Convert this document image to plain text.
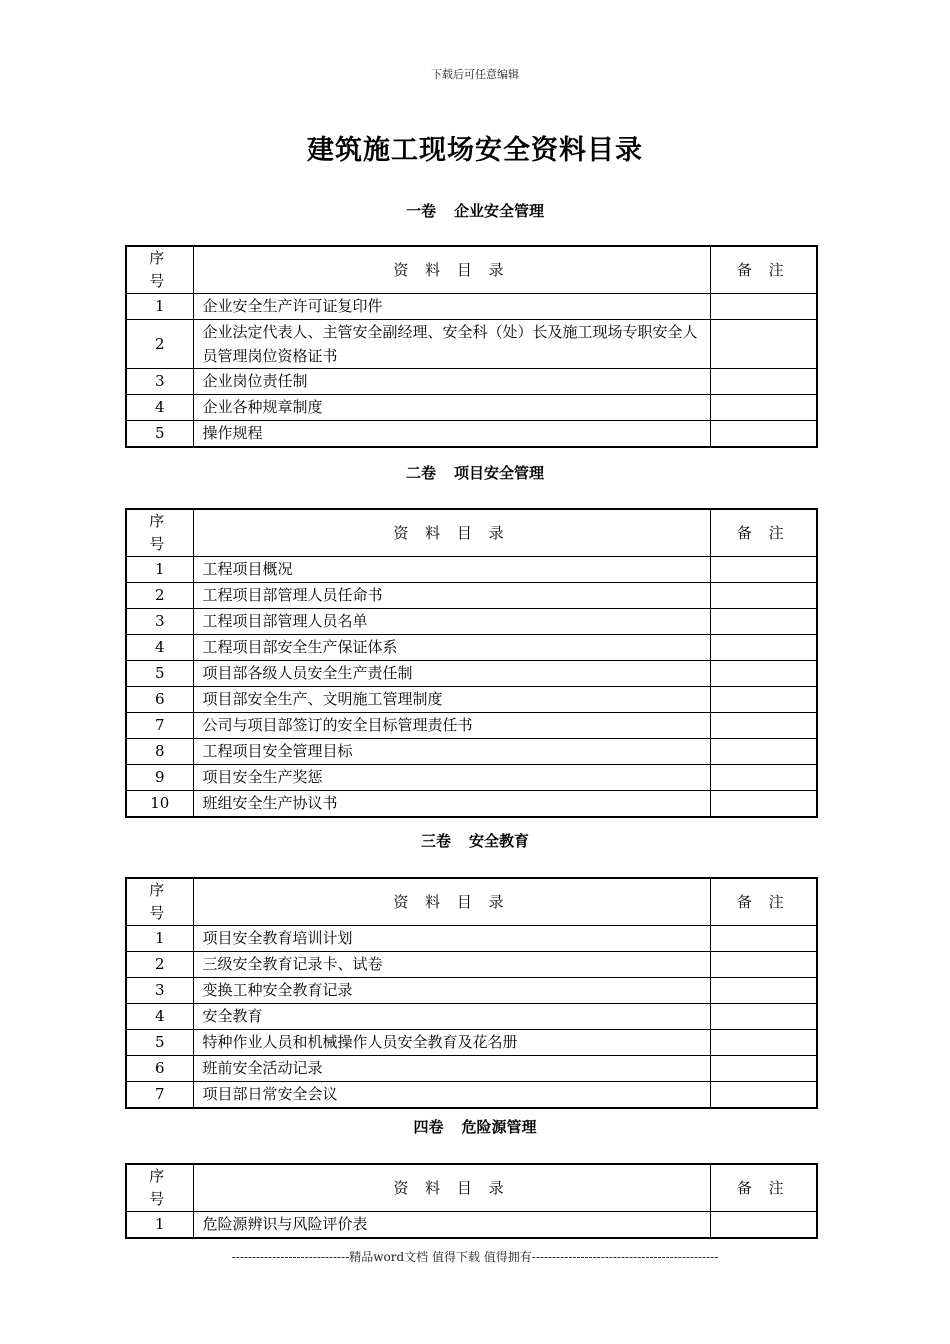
下载后可任意编辑
建筑施工现场安全资料目录
一卷 企业安全管理
序 号	资 料 目 录	备 注
1	企业安全生产许可证复印件	
2	企业法定代表人、主管安全副经理、安全科（处）长及施工现场专职安全人员管理岗位资格证书	
3	企业岗位责任制	
4	企业各种规章制度	
5	操作规程	
二卷 项目安全管理
序 号	资 料 目 录	备 注
1	工程项目概况	
2	工程项目部管理人员任命书	
3	工程项目部管理人员名单	
4	工程项目部安全生产保证体系	
5	项目部各级人员安全生产责任制	
6	项目部安全生产、文明施工管理制度	
7	公司与项目部签订的安全目标管理责任书	
8	工程项目安全管理目标	
9	项目安全生产奖惩	
10	班组安全生产协议书	
三卷 安全教育
序 号	资 料 目 录	备 注
1	项目安全教育培训计划	
2	三级安全教育记录卡、试卷	
3	变换工种安全教育记录	
4	安全教育	
5	特种作业人员和机械操作人员安全教育及花名册	
6	班前安全活动记录	
7	项目部日常安全会议	
四卷 危险源管理
序 号	资 料 目 录	备 注
1	危险源辨识与风险评价表	
-----------------------------精品word文档 值得下载 值得拥有----------------------------------------------
